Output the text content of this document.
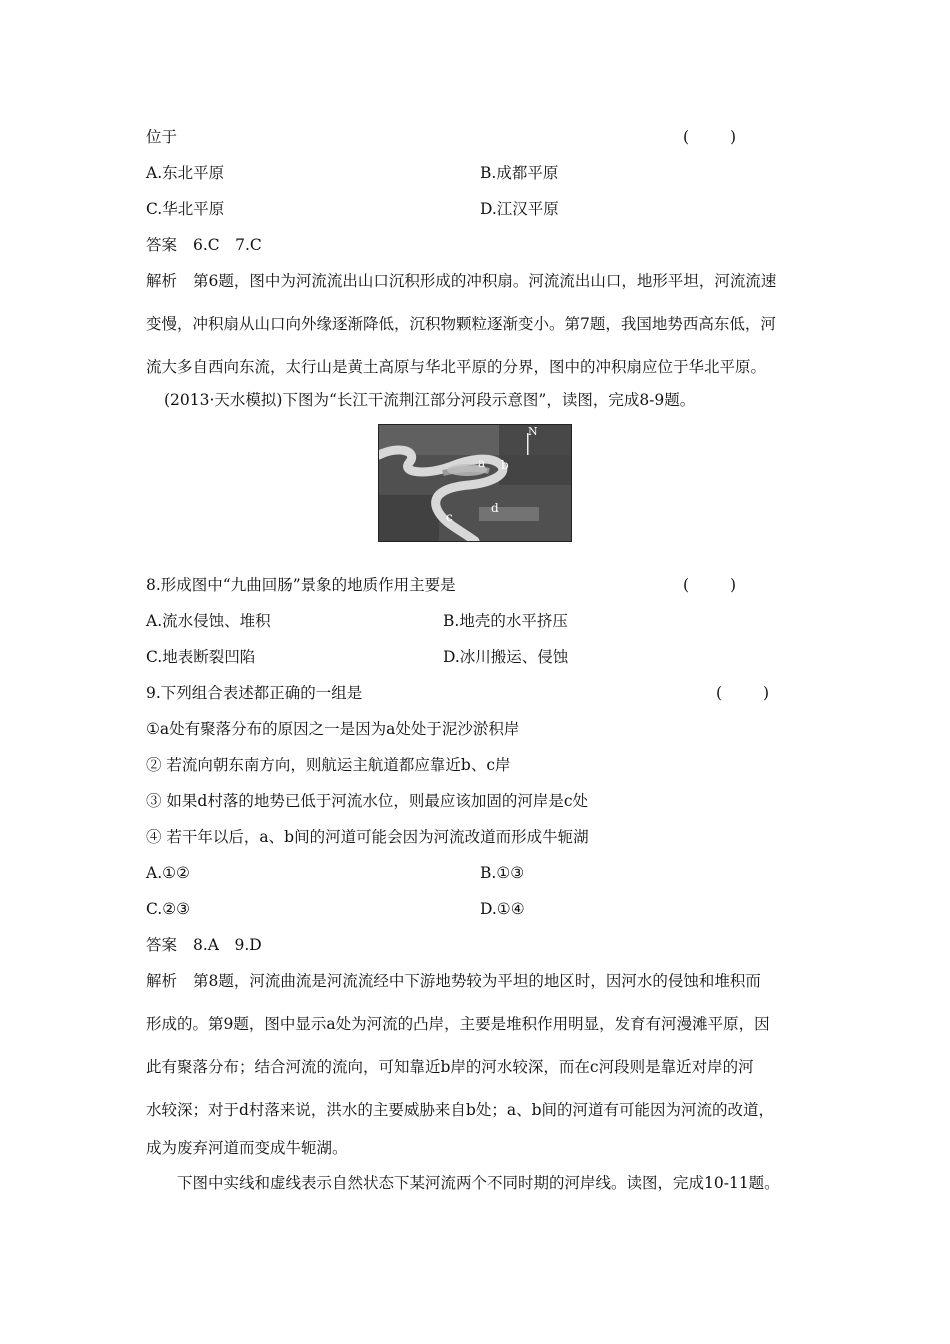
位于	( )
A.东北平原	B.成都平原
C.华北平原	D.江汉平原
答案 6.C　7.C
解析 第6题，图中为河流流出山口沉积形成的冲积扇。河流流出山口，地形平坦，河流流速
变慢，冲积扇从山口向外缘逐渐降低，沉积物颗粒逐渐变小。第7题，我国地势西高东低，河
流大多自西向东流，太行山是黄土高原与华北平原的分界，图中的冲积扇应位于华北平原。
(2013·天水模拟)下图为“长江干流荆江部分河段示意图”，读图，完成8-9题。
N
a b
c
d
8.形成图中“九曲回肠”景象的地质作用主要是	( )
A.流水侵蚀、堆积	B.地壳的水平挤压
C.地表断裂凹陷	D.冰川搬运、侵蚀
9.下列组合表述都正确的一组是	( )
①a处有聚落分布的原因之一是因为a处处于泥沙淤积岸
② 若流向朝东南方向，则航运主航道都应靠近b、c岸
③ 如果d村落的地势已低于河流水位，则最应该加固的河岸是c处
④ 若干年以后，a、b间的河道可能会因为河流改道而形成牛轭湖
A.①②	B.①③
C.②③	D.①④
答案 8.A　9.D
解析 第8题，河流曲流是河流流经中下游地势较为平坦的地区时，因河水的侵蚀和堆积而
形成的。第9题，图中显示a处为河流的凸岸，主要是堆积作用明显，发育有河漫滩平原，因
此有聚落分布；结合河流的流向，可知靠近b岸的河水较深，而在c河段则是靠近对岸的河
水较深；对于d村落来说，洪水的主要威胁来自b处；a、b间的河道有可能因为河流的改道，
成为废弃河道而变成牛轭湖。
下图中实线和虚线表示自然状态下某河流两个不同时期的河岸线。读图，完成10-11题。
